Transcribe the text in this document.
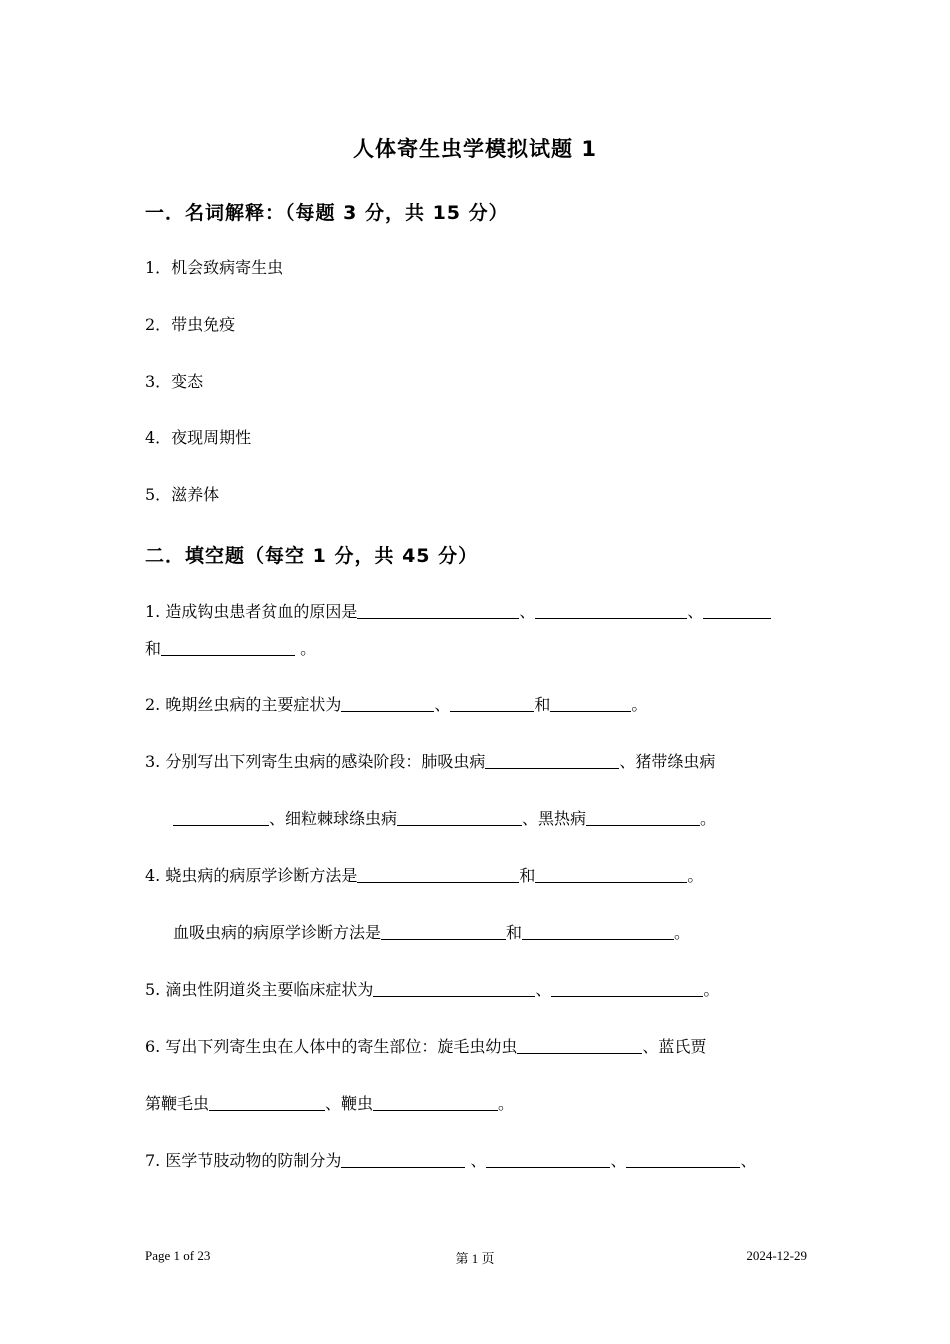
人体寄生虫学模拟试题 1
一．名词解释：（每题 3 分，共 15 分）
1．机会致病寄生虫
2．带虫免疫
3．变态
4．夜现周期性
5．滋养体
二．填空题（每空 1 分，共 45 分）
1. 造成钩虫患者贫血的原因是	、	、
和	。
2. 晚期丝虫病的主要症状为	、	和	。
3. 分别写出下列寄生虫病的感染阶段：肺吸虫病	、猪带绦虫病
、细粒棘球绦虫病	、黑热病	。
4. 蛲虫病的病原学诊断方法是	和	。
血吸虫病的病原学诊断方法是	和	。
5. 滴虫性阴道炎主要临床症状为	、	。
6. 写出下列寄生虫在人体中的寄生部位：旋毛虫幼虫	、蓝氏贾
第鞭毛虫	、鞭虫	。
7. 医学节肢动物的防制分为	、	、	、
Page 1 of 23	第 1 页	2024-12-29
